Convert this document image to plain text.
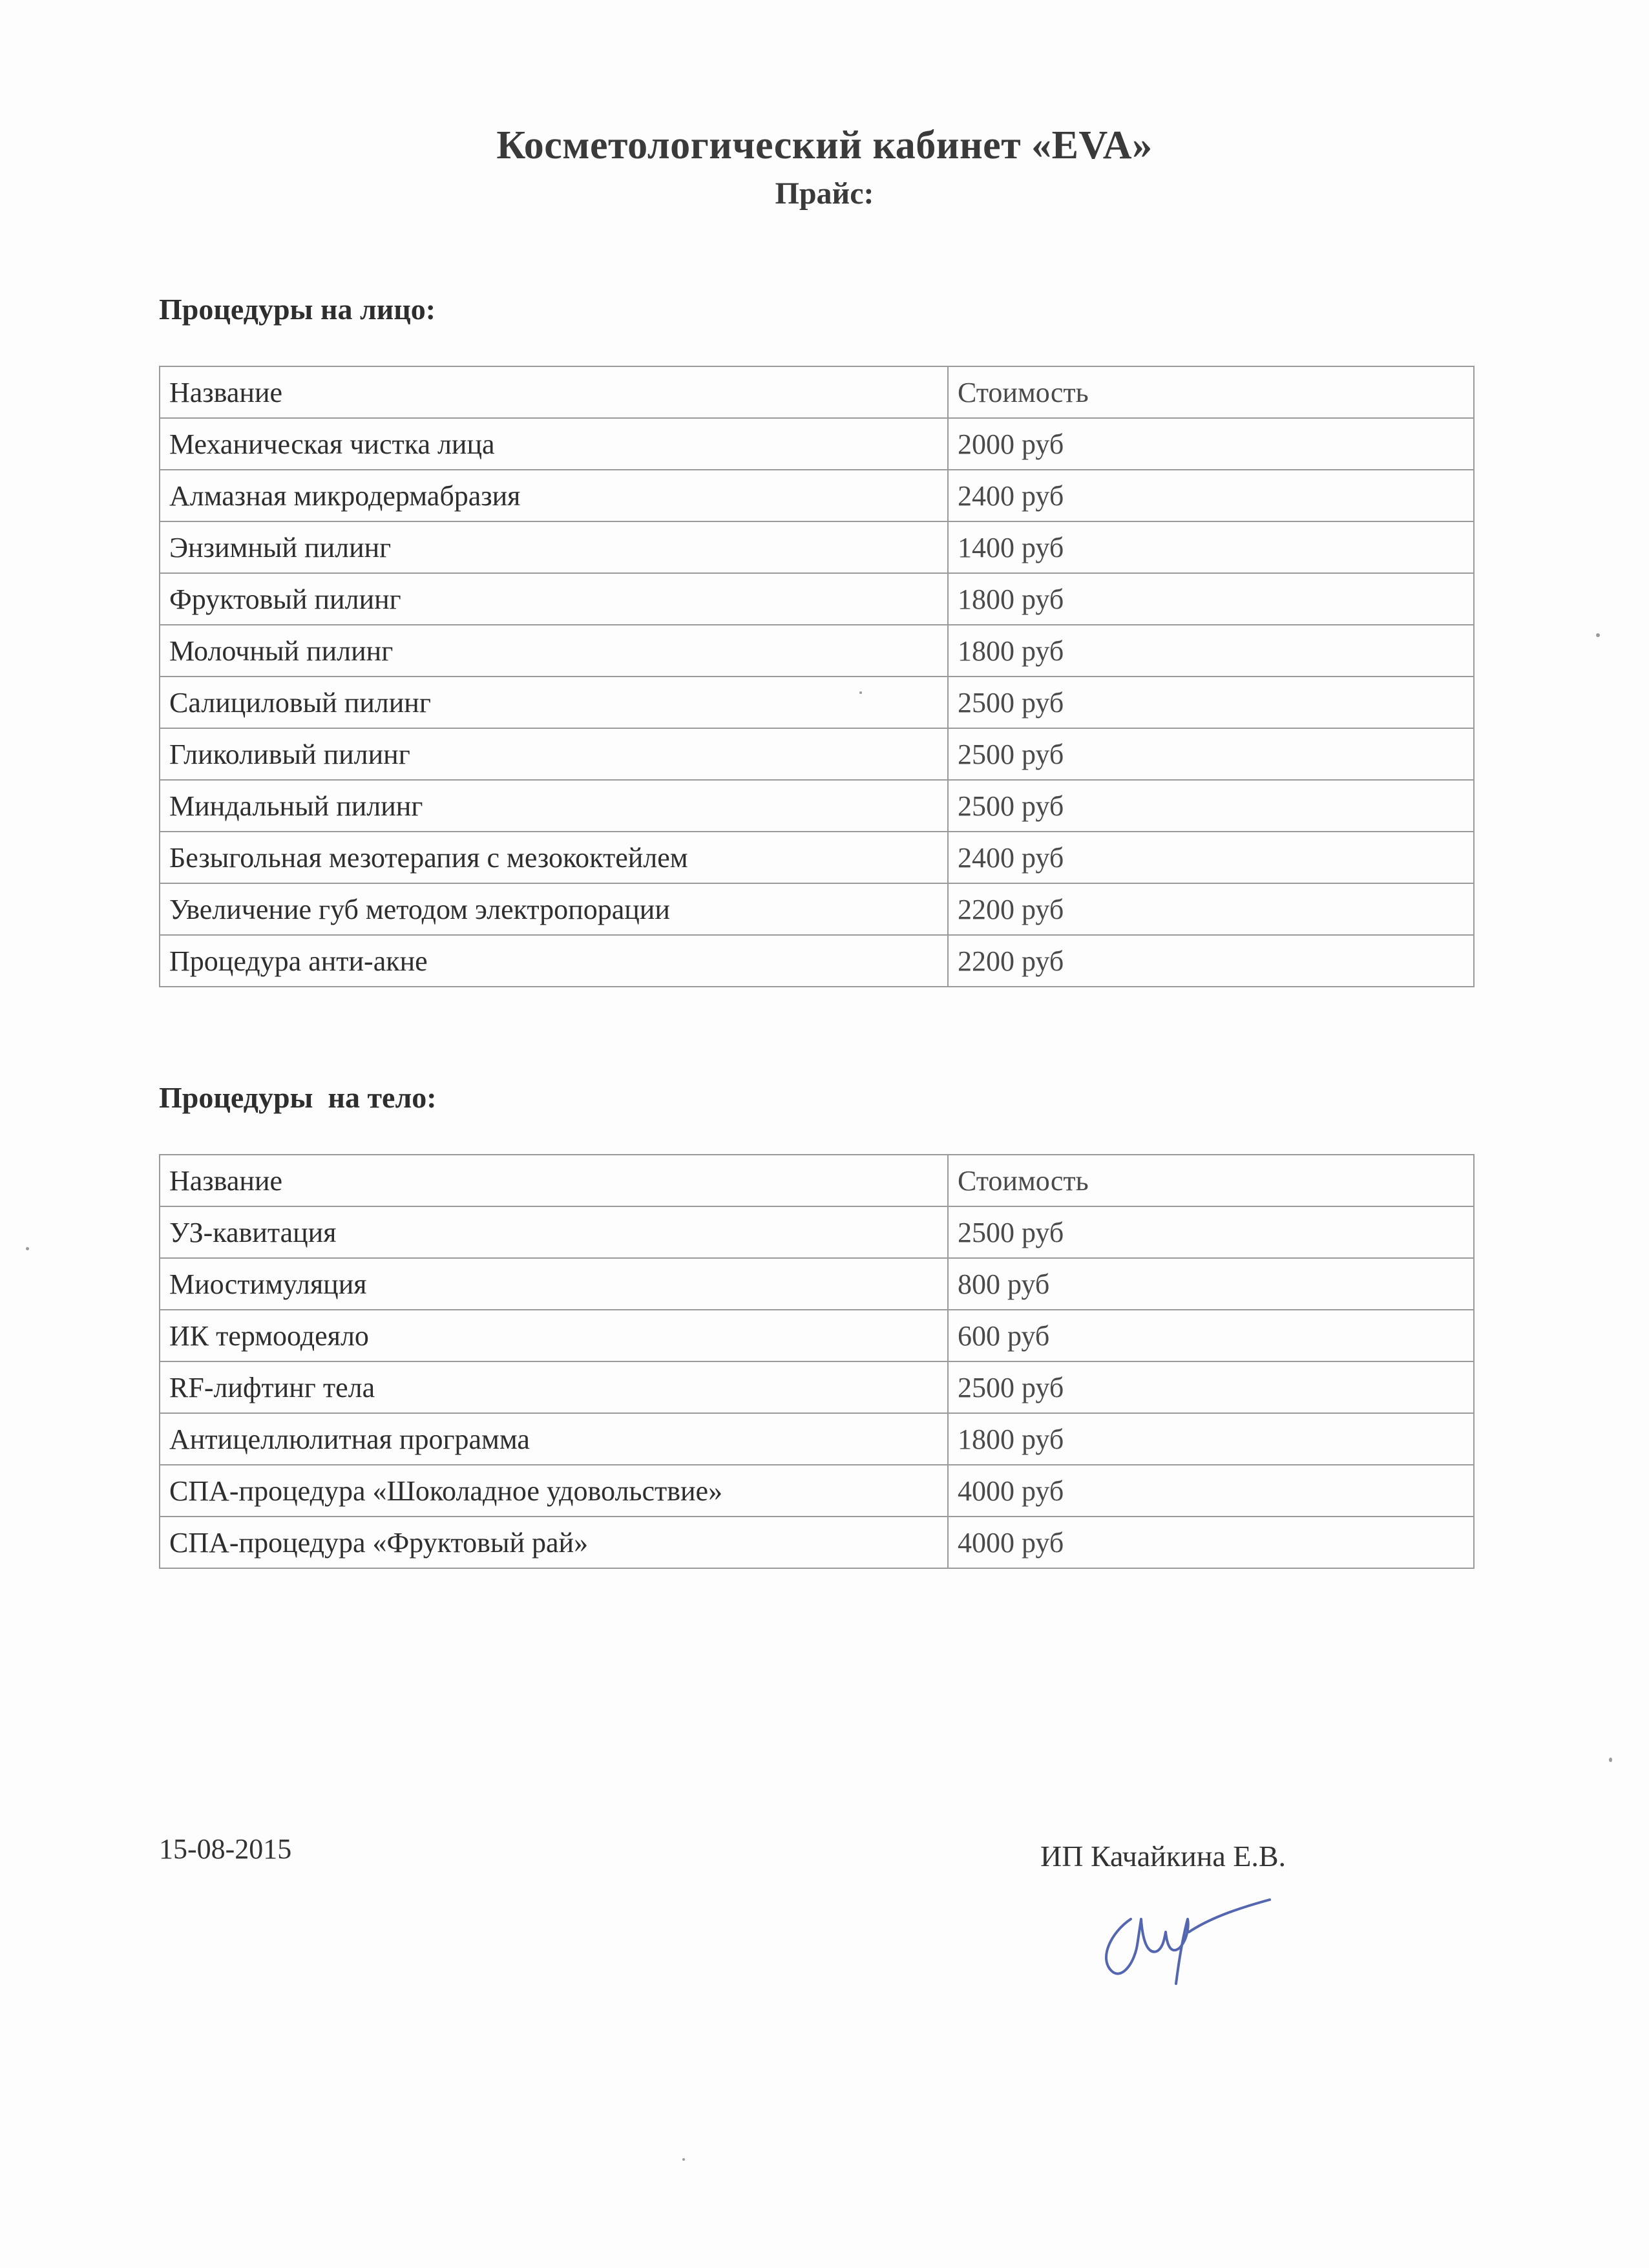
Косметологический кабинет «EVA»
Прайс:
Процедуры на лицо:
Название	Стоимость
Механическая чистка лица	2000 руб
Алмазная микродермабразия	2400 руб
Энзимный пилинг	1400 руб
Фруктовый пилинг	1800 руб
Молочный пилинг	1800 руб
Салициловый пилинг	2500 руб
Гликоливый пилинг	2500 руб
Миндальный пилинг	2500 руб
Безыгольная мезотерапия с мезококтейлем	2400 руб
Увеличение губ методом электропорации	2200 руб
Процедура анти-акне	2200 руб
Процедуры  на тело:
Название	Стоимость
УЗ-кавитация	2500 руб
Миостимуляция	800 руб
ИК термоодеяло	600 руб
RF-лифтинг тела	2500 руб
Антицеллюлитная программа	1800 руб
СПА-процедура «Шоколадное удовольствие»	4000 руб
СПА-процедура «Фруктовый рай»	4000 руб
15-08-2015	ИП Качайкина Е.В.
